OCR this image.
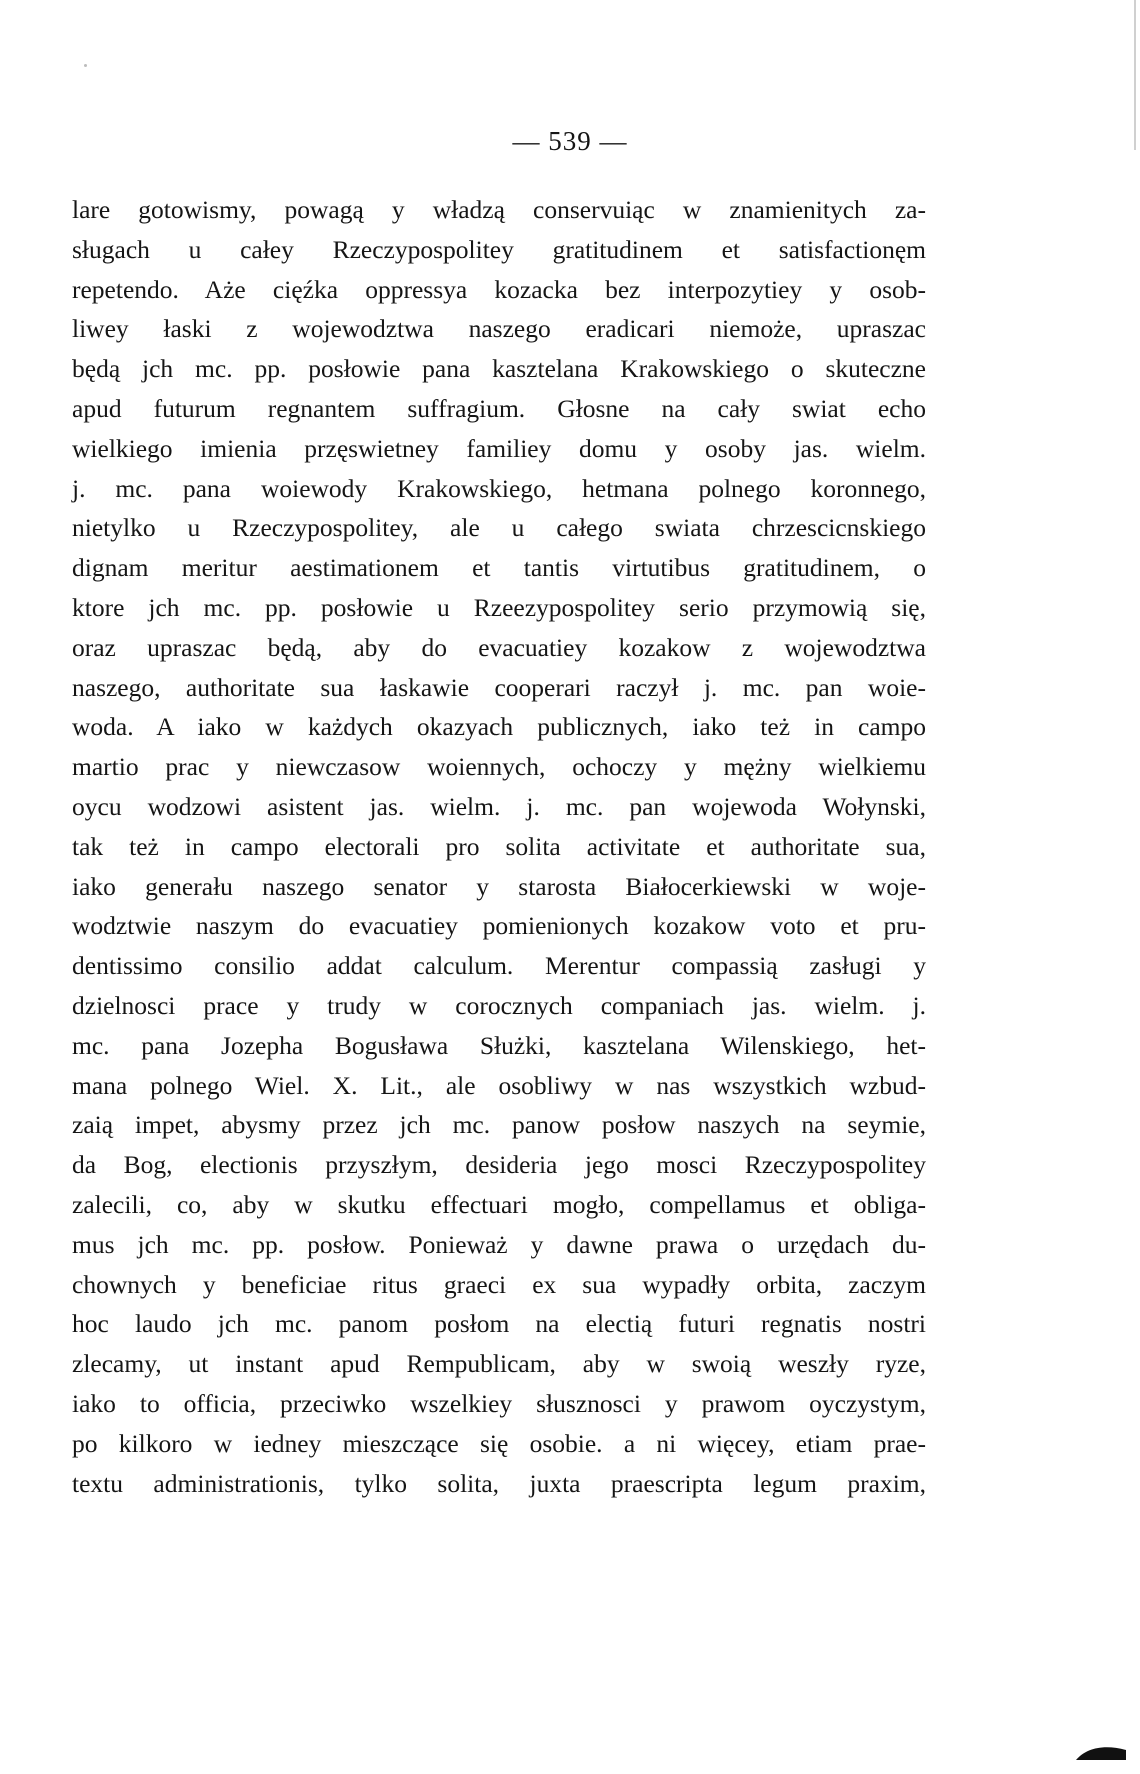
— 539 —
lare gotowismy, powagą y władzą conservuiąc w znamienitych za-
sługach u całey Rzeczypospolitey gratitudinem et satisfactionęm
repetendo. Aże cięźka oppressya kozacka bez interpozytiey y osob-
liwey łaski z wojewodztwa naszego eradicari niemoże, upraszac
będą jch mc. pp. posłowie pana kasztelana Krakowskiego o skuteczne
apud futurum regnantem suffragium. Głosne na cały swiat echo
wielkiego imienia przęswietney familiey domu y osoby jas. wielm.
j. mc. pana woiewody Krakowskiego, hetmana polnego koronnego,
nietylko u Rzeczypospolitey, ale u całego swiata chrzescicnskiego
dignam meritur aestimationem et tantis virtutibus gratitudinem, o
ktore jch mc. pp. posłowie u Rzeezypospolitey serio przymowią się,
oraz upraszac będą, aby do evacuatiey kozakow z wojewodztwa
naszego, authoritate sua łaskawie cooperari raczył j. mc. pan woie-
woda. A iako w każdych okazyach publicznych, iako też in campo
martio prac y niewczasow woiennych, ochoczy y mężny wielkiemu
oycu wodzowi asistent jas. wielm. j. mc. pan wojewoda Wołynski,
tak też in campo electorali pro solita activitate et authoritate sua,
iako generału naszego senator y starosta Białocerkiewski w woje-
wodztwie naszym do evacuatiey pomienionych kozakow voto et pru-
dentissimo consilio addat calculum. Merentur compassią zasługi y
dzielnosci prace y trudy w corocznych companiach jas. wielm. j.
mc. pana Jozepha Bogusława Służki, kasztelana Wilenskiego, het-
mana polnego Wiel. X. Lit., ale osobliwy w nas wszystkich wzbud-
zaią impet, abysmy przez jch mc. panow posłow naszych na seymie,
da Bog, electionis przyszłym, desideria jego mosci Rzeczypospolitey
zalecili, co, aby w skutku effectuari mogło, compellamus et obliga-
mus jch mc. pp. posłow. Ponieważ y dawne prawa o urzędach du-
chownych y beneficiae ritus graeci ex sua wypadły orbita, zaczym
hoc laudo jch mc. panom posłom na electią futuri regnatis nostri
zlecamy, ut instant apud Rempublicam, aby w swoią weszły ryze,
iako to officia, przeciwko wszelkiey słusznosci y prawom oyczystym,
po kilkoro w iedney mieszczące się osobie. a ni więcey, etiam prae-
textu administrationis, tylko solita, juxta praescripta legum praxim,
